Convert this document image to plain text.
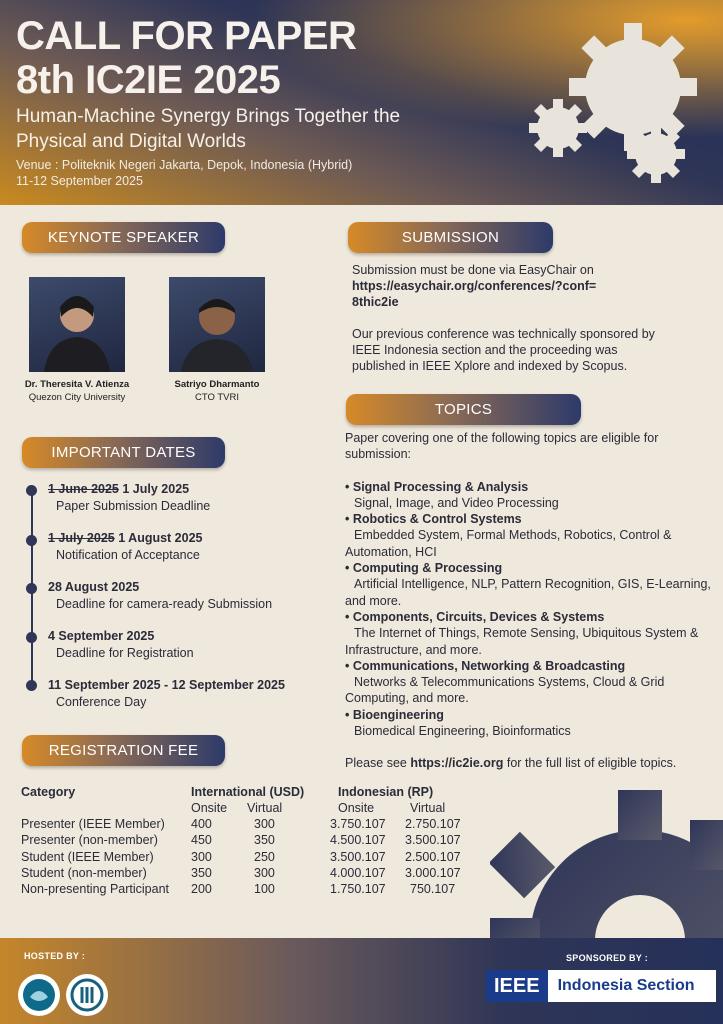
CALL FOR PAPER
8th IC2IE 2025
Human-Machine Synergy Brings Together the Physical and Digital Worlds
Venue : Politeknik Negeri Jakarta, Depok, Indonesia (Hybrid)
11-12 September 2025
KEYNOTE SPEAKER
Dr. Theresita V. Atienza
Quezon City University
Satriyo Dharmanto
CTO TVRI
IMPORTANT DATES
1 June 2025 1 July 2025
Paper Submission Deadline
1 July 2025 1 August 2025
Notification of Acceptance
28 August 2025
Deadline for camera-ready Submission
4 September 2025
Deadline for Registration
11 September 2025 - 12 September 2025
Conference Day
SUBMISSION
Submission must be done via EasyChair on
https://easychair.org/conferences/?conf=
8thic2ie
Our previous conference was technically sponsored by IEEE Indonesia section and the proceeding was published in IEEE Xplore and indexed by Scopus.
TOPICS
Paper covering one of the following topics are eligible for submission:
• Signal Processing & Analysis
Signal, Image, and Video Processing
• Robotics & Control Systems
Embedded System, Formal Methods, Robotics, Control & Automation, HCI
• Computing & Processing
Artificial Intelligence, NLP, Pattern Recognition, GIS, E-Learning, and more.
• Components, Circuits, Devices & Systems
The Internet of Things, Remote Sensing, Ubiquitous System & Infrastructure, and more.
• Communications, Networking & Broadcasting
Networks & Telecommunications Systems, Cloud & Grid Computing, and more.
• Bioengineering
Biomedical Engineering, Bioinformatics
Please see https://ic2ie.org for the full list of eligible topics.
REGISTRATION FEE
Category	International (USD)	Indonesian (RP)
Onsite Virtual	Onsite	Virtual
Presenter (IEEE Member) 400	300	3.750.107 2.750.107
Presenter (non-member)	450	350	4.500.107 3.500.107
Student (IEEE Member)	300	250	3.500.107 2.500.107
Student (non-member)	350	300	4.000.107 3.000.107
Non-presenting Participant 200	100	1.750.107 750.107
HOSTED BY :	SPONSORED BY :
IEEE	Indonesia Section
